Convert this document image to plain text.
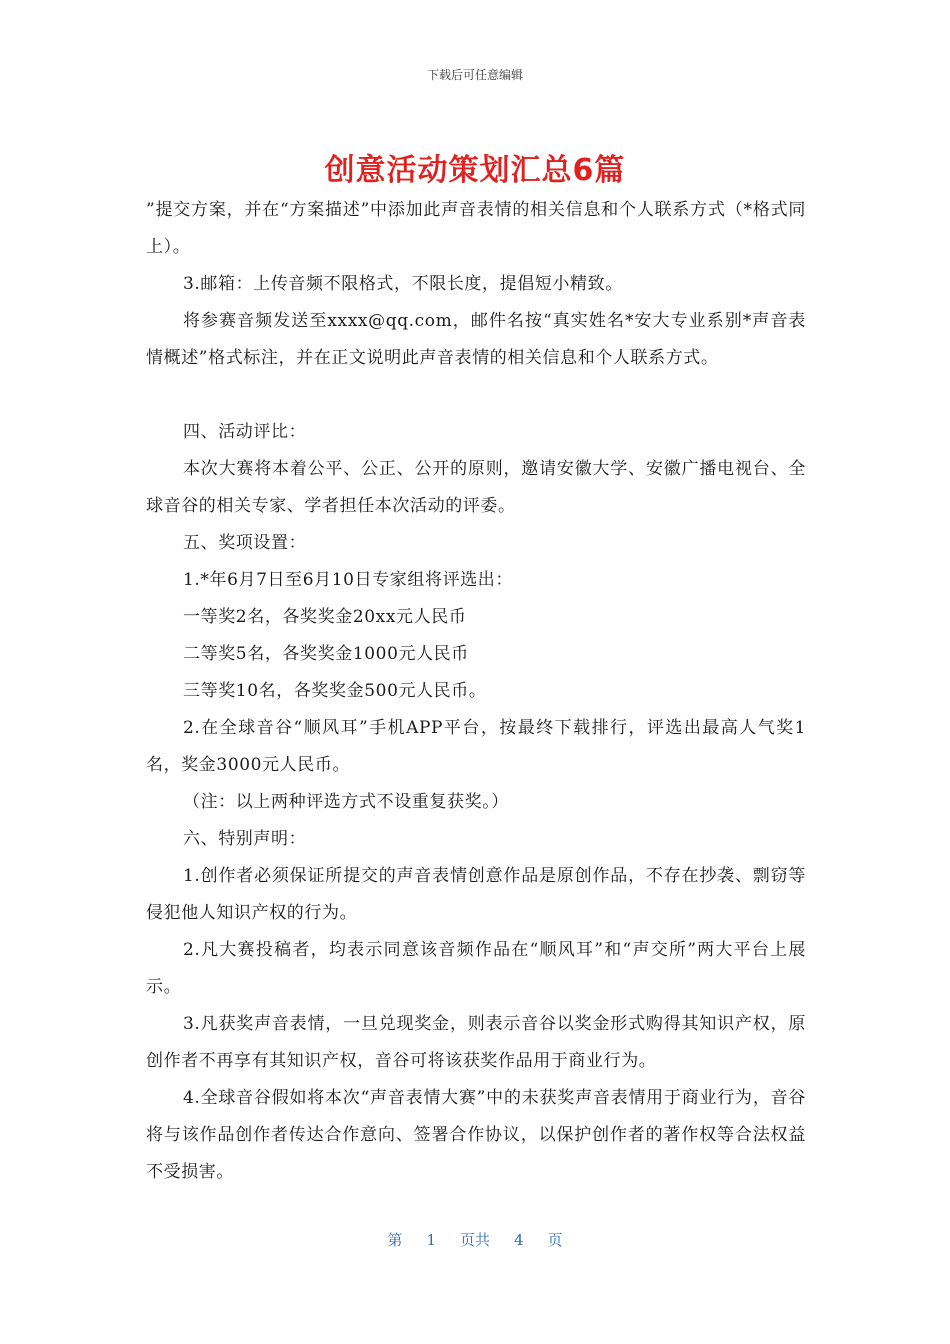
下载后可任意编辑
创意活动策划汇总6篇

”提交方案，并在“方案描述”中添加此声音表情的相关信息和个人联系方式（*格式同上）。

3.邮箱：上传音频不限格式，不限长度，提倡短小精致。

将参赛音频发送至xxxx@qq.com，邮件名按“真实姓名*安大专业系别*声音表情概述”格式标注，并在正文说明此声音表情的相关信息和个人联系方式。

四、活动评比：

本次大赛将本着公平、公正、公开的原则，邀请安徽大学、安徽广播电视台、全球音谷的相关专家、学者担任本次活动的评委。

五、奖项设置：

1.*年6月7日至6月10日专家组将评选出：

一等奖2名，各奖奖金20xx元人民币

二等奖5名，各奖奖金1000元人民币

三等奖10名，各奖奖金500元人民币。

2.在全球音谷“顺风耳”手机APP平台，按最终下载排行，评选出最高人气奖1名，奖金3000元人民币。

（注：以上两种评选方式不设重复获奖。）

六、特别声明：

1.创作者必须保证所提交的声音表情创意作品是原创作品，不存在抄袭、剽窃等侵犯他人知识产权的行为。

2.凡大赛投稿者，均表示同意该音频作品在“顺风耳”和“声交所”两大平台上展示。

3.凡获奖声音表情，一旦兑现奖金，则表示音谷以奖金形式购得其知识产权，原创作者不再享有其知识产权，音谷可将该获奖作品用于商业行为。

4.全球音谷假如将本次“声音表情大赛”中的未获奖声音表情用于商业行为，音谷将与该作品创作者传达合作意向、签署合作协议，以保护创作者的著作权等合法权益不受损害。

第 1 页共 4 页
